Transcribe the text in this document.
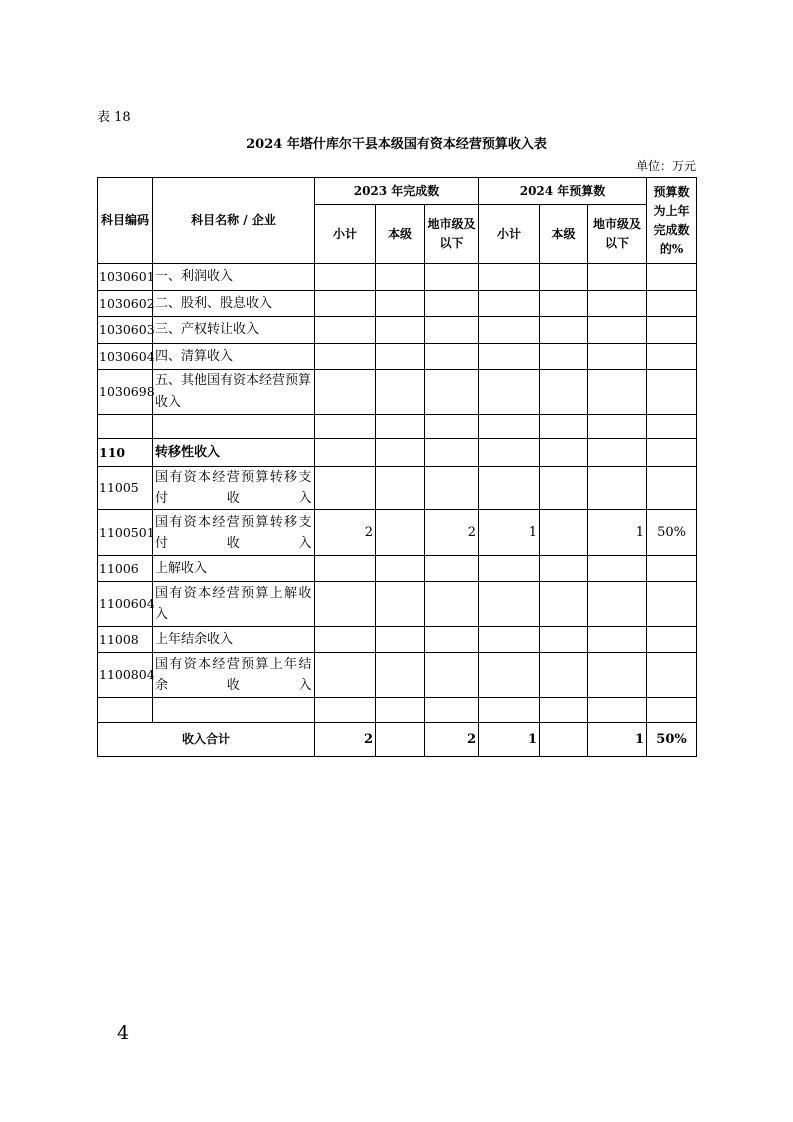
表 18
2024 年塔什库尔干县本级国有资本经营预算收入表
单位：万元
科目编码	科目名称 / 企业	2023 年完成数			2024 年预算数			预算数为上年完成数的%
		小计	本级	地市级及以下	小计	本级	地市级及以下	
1030601	一、利润收入							
1030602	二、股利、股息收入							
1030603	三、产权转让收入							
1030604	四、清算收入							
1030698	五、其他国有资本经营预算收入							

110	转移性收入							
11005	国有资本经营预算转移支付收入							
1100501	国有资本经营预算转移支付收入	2		2	1		1	50%
11006	上解收入							
1100604	国有资本经营预算上解收入							
11008	上年结余收入							
1100804	国有资本经营预算上年结余收入							

收入合计		2		2	1		1	50%
4
